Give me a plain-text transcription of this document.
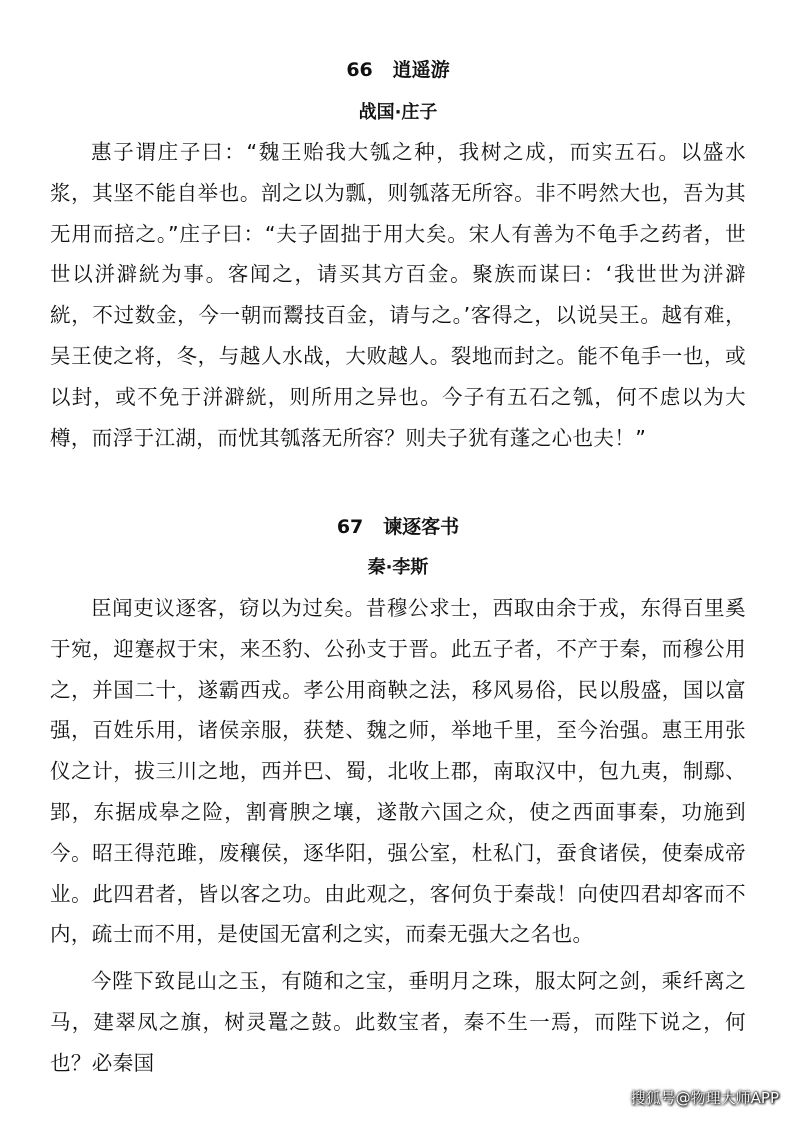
66 逍遥游
战国·庄子

惠子谓庄子曰：“魏王贻我大瓠之种，我树之成，而实五石。以盛水浆，其坚不能自举也。剖之以为瓢，则瓠落无所容。非不呺然大也，吾为其无用而掊之。”庄子曰：“夫子固拙于用大矣。宋人有善为不龟手之药者，世世以洴澼絖为事。客闻之，请买其方百金。聚族而谋曰：‘我世世为洴澼絖，不过数金，今一朝而鬻技百金，请与之。’客得之，以说吴王。越有难，吴王使之将，冬，与越人水战，大败越人。裂地而封之。能不龟手一也，或以封，或不免于洴澼絖，则所用之异也。今子有五石之瓠，何不虑以为大樽，而浮于江湖，而忧其瓠落无所容？则夫子犹有蓬之心也夫！”

67 谏逐客书
秦·李斯

臣闻吏议逐客，窃以为过矣。昔穆公求士，西取由余于戎，东得百里奚于宛，迎蹇叔于宋，来丕豹、公孙支于晋。此五子者，不产于秦，而穆公用之，并国二十，遂霸西戎。孝公用商鞅之法，移风易俗，民以殷盛，国以富强，百姓乐用，诸侯亲服，获楚、魏之师，举地千里，至今治强。惠王用张仪之计，拔三川之地，西并巴、蜀，北收上郡，南取汉中，包九夷，制鄢、郢，东据成皋之险，割膏腴之壤，遂散六国之众，使之西面事秦，功施到今。昭王得范雎，废穰侯，逐华阳，强公室，杜私门，蚕食诸侯，使秦成帝业。此四君者，皆以客之功。由此观之，客何负于秦哉！向使四君却客而不内，疏士而不用，是使国无富利之实，而秦无强大之名也。

今陛下致昆山之玉，有随和之宝，垂明月之珠，服太阿之剑，乘纤离之马，建翠凤之旗，树灵鼍之鼓。此数宝者，秦不生一焉，而陛下说之，何也？必秦国

搜狐号@物理大师APP
